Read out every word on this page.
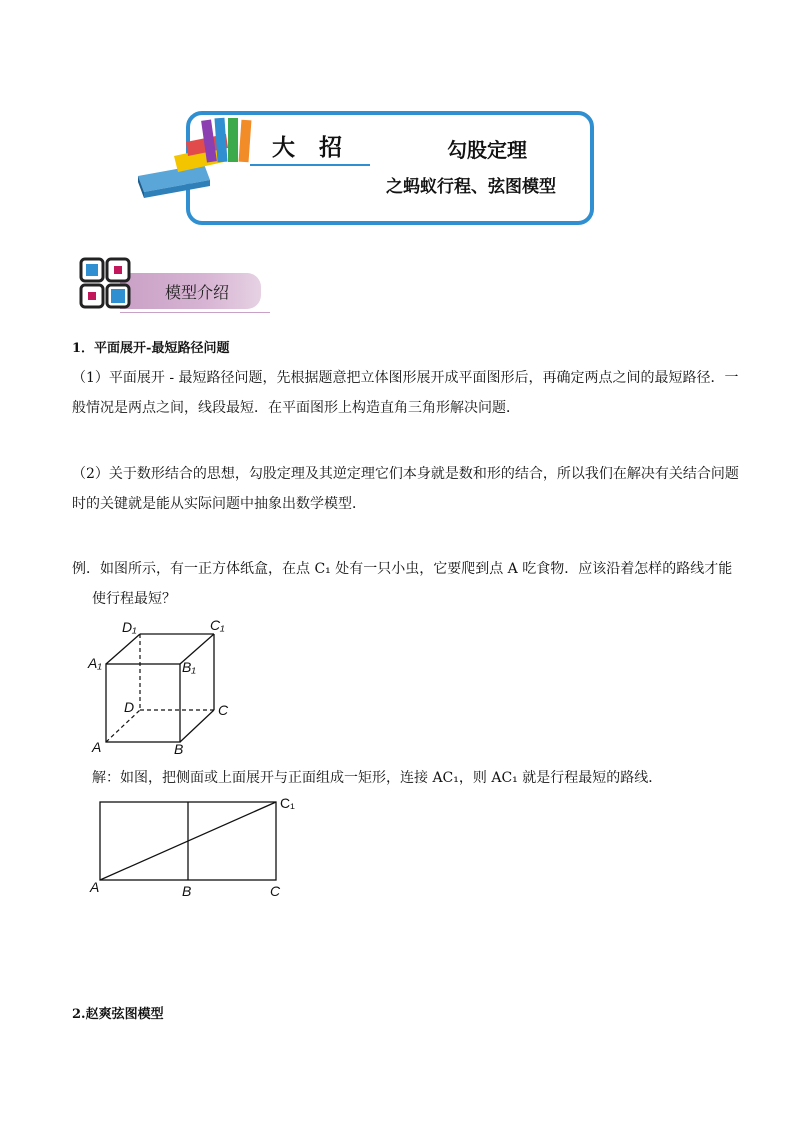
大 招	勾股定理
之蚂蚁行程、弦图模型
模型介绍
1．平面展开-最短路径问题
（1）平面展开 - 最短路径问题，先根据题意把立体图形展开成平面图形后，再确定两点之间的最短路径．一般情况是两点之间，线段最短．在平面图形上构造直角三角形解决问题．
（2）关于数形结合的思想，勾股定理及其逆定理它们本身就是数和形的结合，所以我们在解决有关结合问题时的关键就是能从实际问题中抽象出数学模型．
例．如图所示，有一正方体纸盒，在点 C₁ 处有一只小虫，它要爬到点 A 吃食物．应该沿着怎样的路线才能
使行程最短？
D₁	C₁
A₁	B₁
D	C
A	B
解：如图，把侧面或上面展开与正面组成一矩形，连接 AC₁，则 AC₁ 就是行程最短的路线．
C₁
A	B	C
2.赵爽弦图模型
